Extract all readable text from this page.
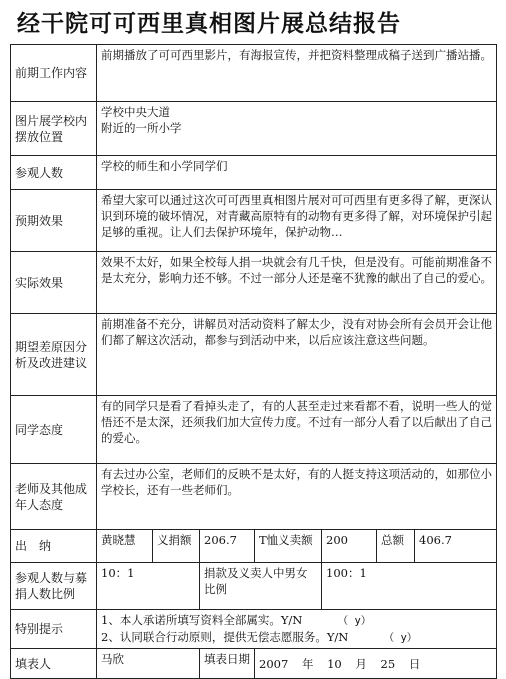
经干院可可西里真相图片展总结报告
前期工作内容	前期播放了可可西里影片，有海报宣传，并把资料整理成稿子送到广播站播。						
图片展学校内摆放位置	学校中央大道
附近的一所小学						

参观人数	学校的师生和小学同学们						
预期效果	希望大家可以通过这次可可西里真相图片展对可可西里有更多得了解，更深认识到环境的破坏情况，对青藏高原特有的动物有更多得了解，对环境保护引起足够的重视。让人们去保护环境年，保护动物…						
实际效果	效果不太好，如果全校每人捐一块就会有几千快，但是没有。可能前期准备不是太充分，影响力还不够。不过一部分人还是毫不犹豫的献出了自己的爱心。						
期望差原因分析及改进建议	前期准备不充分，讲解员对活动资料了解太少，没有对协会所有会员开会让他们都了解这次活动，都参与到活动中来，以后应该注意这些问题。						
同学态度	有的同学只是看了看掉头走了，有的人甚至走过来看都不看，说明一些人的觉悟还不是太深，还须我们加大宣传力度。不过有一部分人看了以后献出了自己的爱心。						
老师及其他成年人态度	有去过办公室，老师们的反映不是太好，有的人挺支持这项活动的，如那位小学校长，还有一些老师们。						
出　纳	黄晓慧	义捐额	206.7	T恤义卖额	200	总额	406.7
参观人数与募捐人数比例	10：1		捐款及义卖人中男女比例		100：1		
特别提示	1、本人承诺所填写资料全部属实。Y/N （ y）
2、认同联合行动原则，提供无偿志愿服务。Y/N （ y）						

填表人	马欣		填表日期	2007 年 10 月 25 日			
